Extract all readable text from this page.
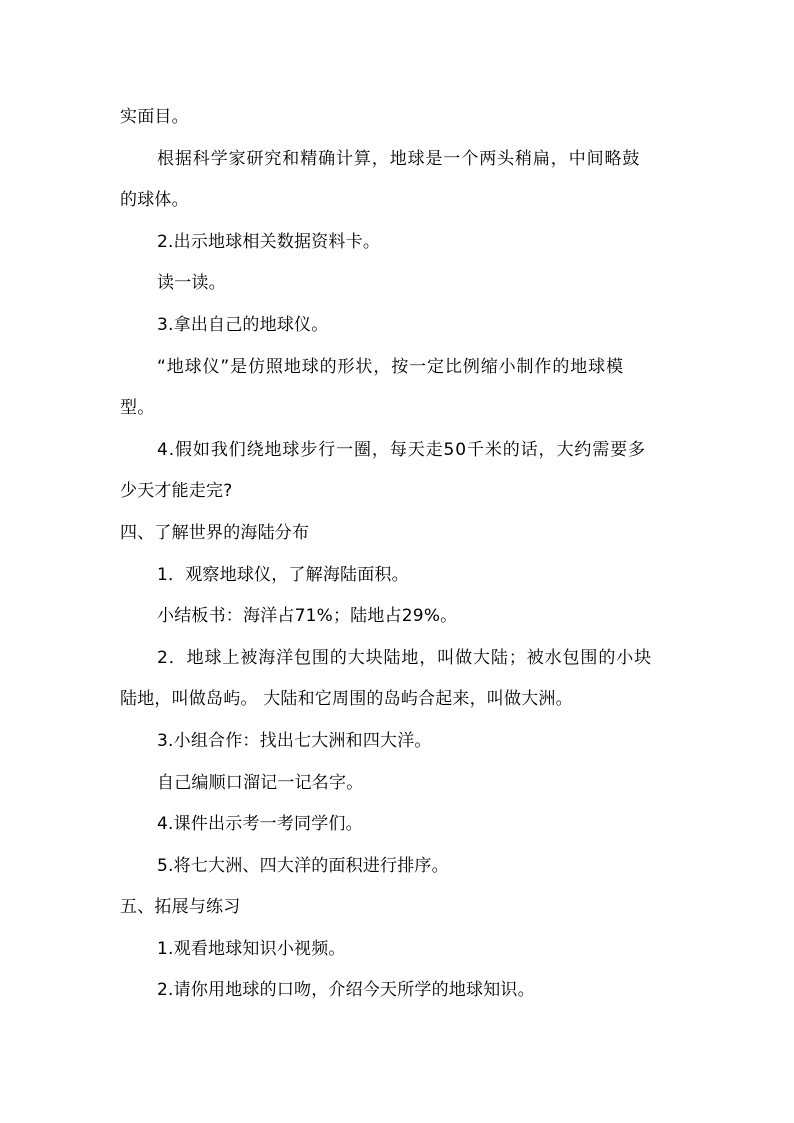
实面目。
根据科学家研究和精确计算，地球是一个两头稍扁，中间略鼓
的球体。
2.出示地球相关数据资料卡。
读一读。
3.拿出自己的地球仪。
“地球仪”是仿照地球的形状，按一定比例缩小制作的地球模
型。
4.假如我们绕地球步行一圈，每天走50千米的话，大约需要多
少天才能走完?
四、了解世界的海陆分布
1．观察地球仪，了解海陆面积。
小结板书：海洋占71%；陆地占29%。
2．地球上被海洋包围的大块陆地，叫做大陆；被水包围的小块
陆地，叫做岛屿。 大陆和它周围的岛屿合起来，叫做大洲。
3.小组合作：找出七大洲和四大洋。
自己编顺口溜记一记名字。
4.课件出示考一考同学们。
5.将七大洲、四大洋的面积进行排序。
五、拓展与练习
1.观看地球知识小视频。
2.请你用地球的口吻，介绍今天所学的地球知识。
